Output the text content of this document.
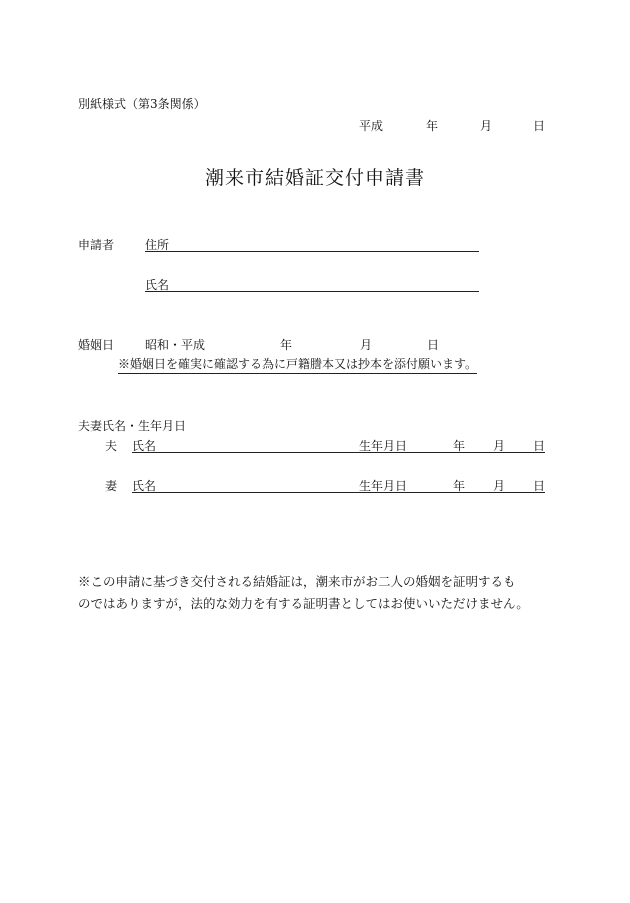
別紙様式（第3条関係）
平成	年	月	日
潮来市結婚証交付申請書
申請者	住所
氏名
婚姻日	昭和・平成	年	月	日
※婚姻日を確実に確認する為に戸籍謄本又は抄本を添付願います。
夫妻氏名・生年月日
夫 氏名	生年月日	年 月 日
妻 氏名	生年月日	年 月 日
※この申請に基づき交付される結婚証は，潮来市がお二人の婚姻を証明するも
のではありますが，法的な効力を有する証明書としてはお使いいただけません。
